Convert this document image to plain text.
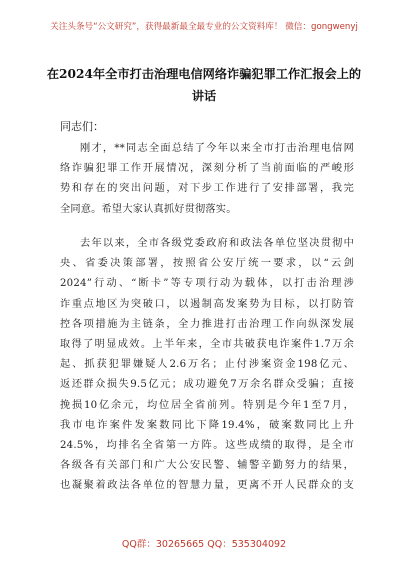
关注头条号“公文研究”，获得最新最全最专业的公文资料库！ 微信：gongwenyj
在2024年全市打击治理电信网络诈骗犯罪工作汇报会上的
讲话
同志们：
刚才，**同志全面总结了今年以来全市打击治理电信网
络诈骗犯罪工作开展情况，深刻分析了当前面临的严峻形
势和存在的突出问题，对下步工作进行了安排部署，我完
全同意。希望大家认真抓好贯彻落实。
去年以来，全市各级党委政府和政法各单位坚决贯彻中
央、省委决策部署，按照省公安厅统一要求，以“云剑
2024”行动、“断卡”等专项行动为载体，以打击治理涉
诈重点地区为突破口，以遏制高发案势为目标，以打防管
控各项措施为主链条，全力推进打击治理工作向纵深发展
取得了明显成效。上半年来，全市共破获电诈案件1.7万余
起、抓获犯罪嫌疑人2.6万名；止付涉案资金198亿元、
返还群众损失9.5亿元；成功避免7万余名群众受骗；直接
挽损10亿余元，均位居全省前列。特别是今年1至7月，
我市电诈案件发案数同比下降19.4%，破案数同比上升
24.5%，均排名全省第一方阵。这些成绩的取得，是全市
各级各有关部门和广大公安民警、辅警辛勤努力的结果，
也凝聚着政法各单位的智慧力量，更离不开人民群众的支
QQ群：30265665 QQ：535304092
